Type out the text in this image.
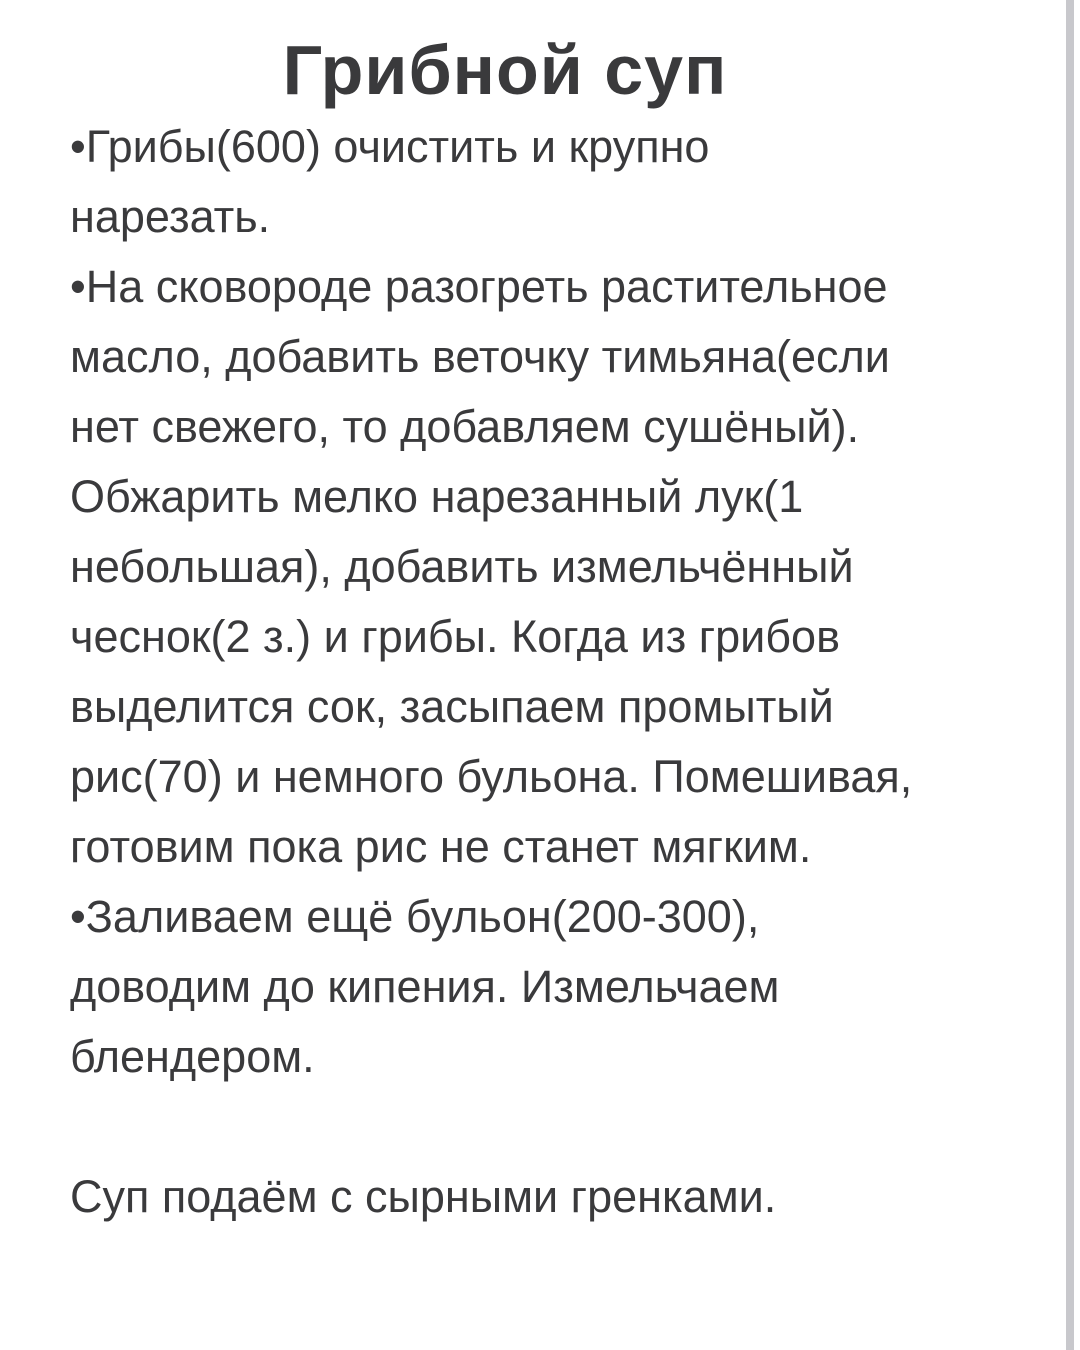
Грибной суп
•Грибы(600) очистить и крупно
нарезать.
•На сковороде разогреть растительное
масло, добавить веточку тимьяна(если
нет свежего, то добавляем сушёный).
Обжарить мелко нарезанный лук(1
небольшая), добавить измельчённый
чеснок(2 з.) и грибы. Когда из грибов
выделится сок, засыпаем промытый
рис(70) и немного бульона. Помешивая,
готовим пока рис не станет мягким.
•Заливаем ещё бульон(200-300),
доводим до кипения. Измельчаем
блендером.
Суп подаём с сырными гренками.
